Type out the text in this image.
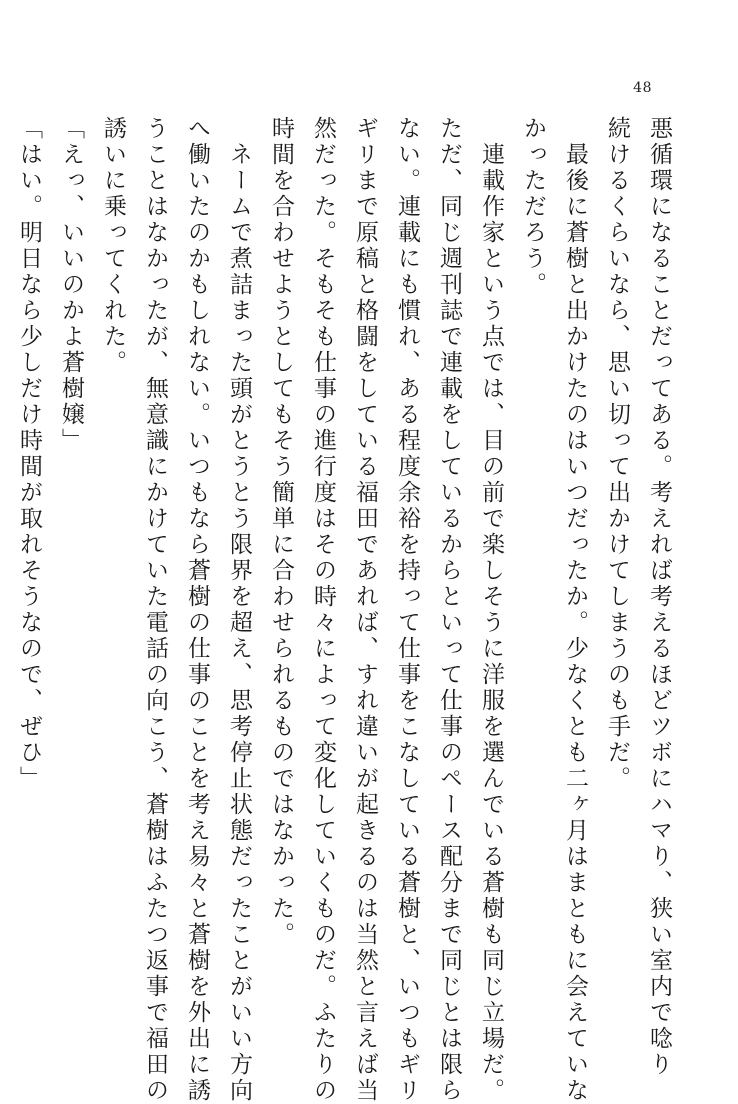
48
悪循環になることだってある。考えれば考えるほどツボにハマり、狭い室内で唸り
続けるくらいなら、思い切って出かけてしまうのも手だ。
　最後に蒼樹と出かけたのはいつだったか。少なくとも二ヶ月はまともに会えていな
かっただろう。
　連載作家という点では、目の前で楽しそうに洋服を選んでいる蒼樹も同じ立場だ。
ただ、同じ週刊誌で連載をしているからといって仕事のペース配分まで同じとは限ら
ない。連載にも慣れ、ある程度余裕を持って仕事をこなしている蒼樹と、いつもギリ
ギリまで原稿と格闘をしている福田であれば、すれ違いが起きるのは当然と言えば当
然だった。そもそも仕事の進行度はその時々によって変化していくものだ。ふたりの
時間を合わせようとしてもそう簡単に合わせられるものではなかった。
　ネームで煮詰まった頭がとうとう限界を超え、思考停止状態だったことがいい方向
へ働いたのかもしれない。いつもなら蒼樹の仕事のことを考え易々と蒼樹を外出に誘
うことはなかったが、無意識にかけていた電話の向こう、蒼樹はふたつ返事で福田の
誘いに乗ってくれた。
「えっ、いいのかよ蒼樹嬢」
「はい。明日なら少しだけ時間が取れそうなので、ぜひ」
